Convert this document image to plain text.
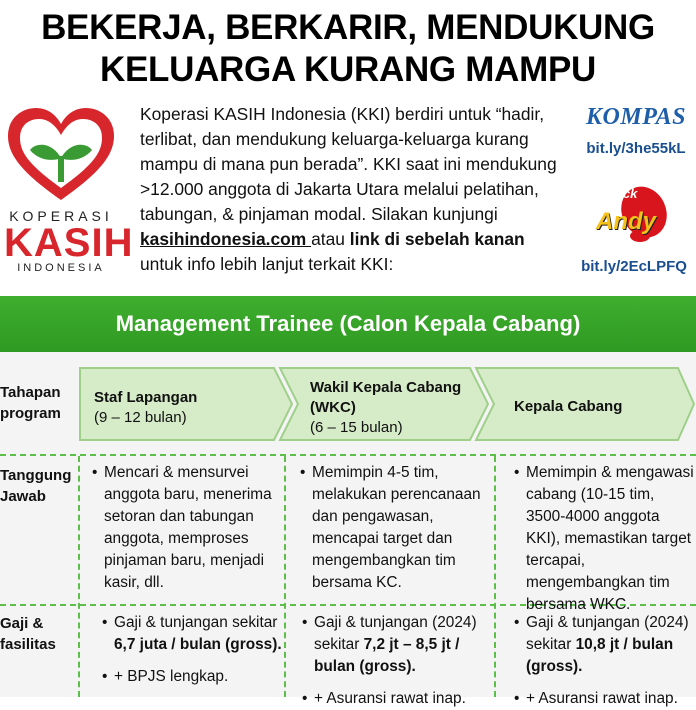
BEKERJA, BERKARIR, MENDUKUNG
KELUARGA KURANG MAMPU
KOPERASI
KASIH
INDONESIA
Koperasi KASIH Indonesia (KKI) berdiri untuk “hadir, terlibat, dan mendukung keluarga-keluarga kurang mampu di mana pun berada”. KKI saat ini mendukung >12.000 anggota di Jakarta Utara melalui pelatihan, tabungan, & pinjaman modal. Silakan kunjungi kasihindonesia.com atau link di sebelah kanan untuk info lebih lanjut terkait KKI:
KOMPAS
bit.ly/3he55kL
kick
Andy
bit.ly/2EcLPFQ
Management Trainee (Calon Kepala Cabang)
Staf Lapangan
(9 – 12 bulan)
Wakil Kepala Cabang (WKC)
(6 – 15 bulan)
Kepala Cabang
Tahapan program
Tanggung Jawab
Gaji & fasilitas
• Mencari & mensurvei anggota baru, menerima setoran dan tabungan anggota, memproses pinjaman baru, menjadi kasir, dll.
• Memimpin 4-5 tim, melakukan perencanaan dan pengawasan, mencapai target dan mengembangkan tim bersama KC.
• Memimpin & mengawasi cabang (10-15 tim, 3500-4000 anggota KKI), memastikan target tercapai, mengembangkan tim bersama WKC.
• Gaji & tunjangan sekitar 6,7 juta / bulan (gross).
• + BPJS lengkap.
• Gaji & tunjangan (2024) sekitar 7,2 jt – 8,5 jt / bulan (gross).
• + Asuransi rawat inap.
• Gaji & tunjangan (2024) sekitar 10,8 jt / bulan (gross).
• + Asuransi rawat inap.
